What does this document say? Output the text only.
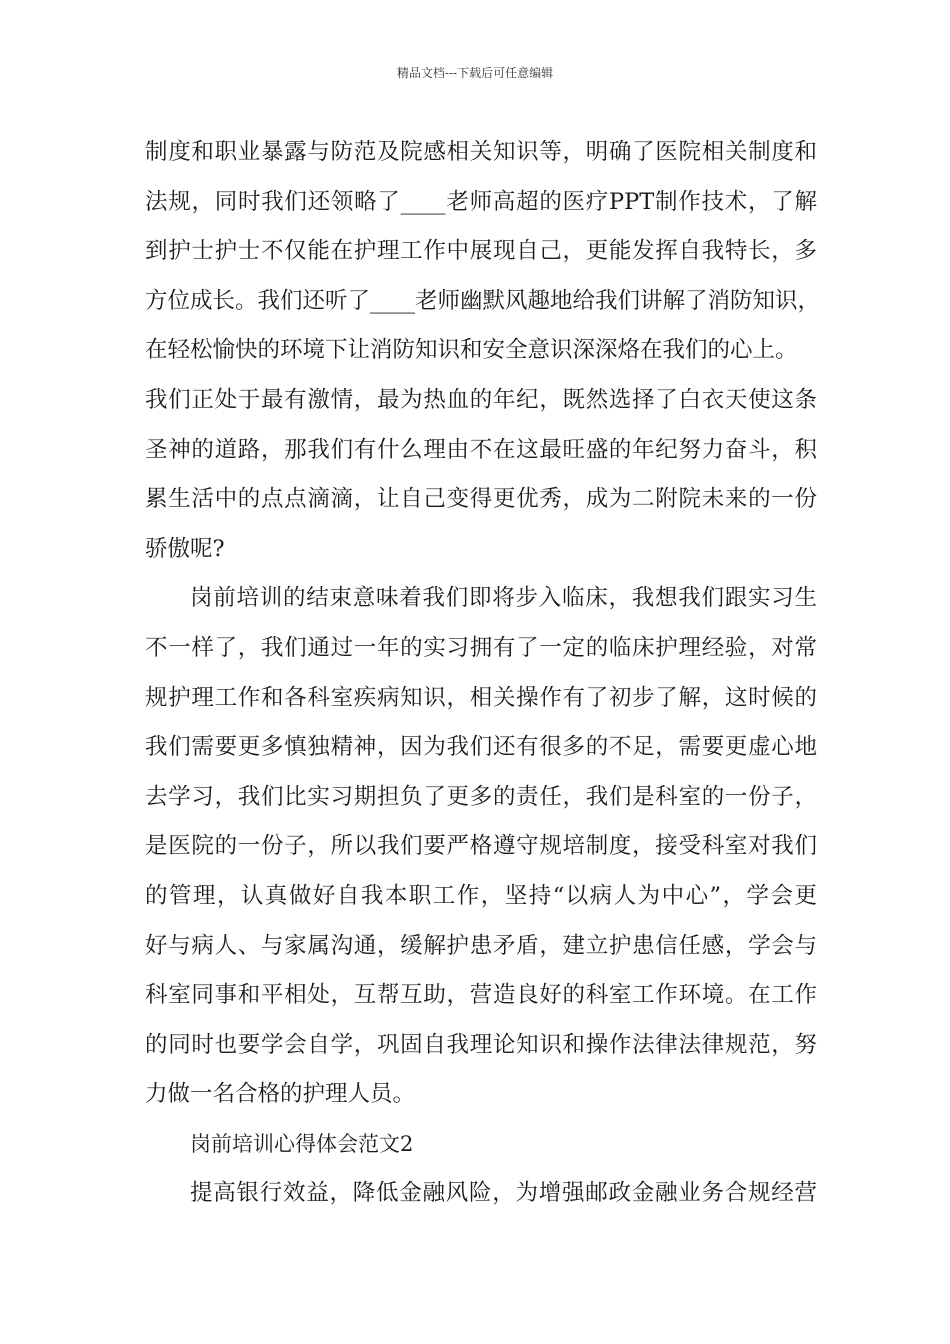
精品文档---下载后可任意编辑
制度和职业暴露与防范及院感相关知识等，明确了医院相关制度和
法规，同时我们还领略了____老师高超的医疗PPT制作技术，了解
到护士护士不仅能在护理工作中展现自己，更能发挥自我特长，多
方位成长。我们还听了____老师幽默风趣地给我们讲解了消防知识，
在轻松愉快的环境下让消防知识和安全意识深深烙在我们的心上。
我们正处于最有激情，最为热血的年纪，既然选择了白衣天使这条
圣神的道路，那我们有什么理由不在这最旺盛的年纪努力奋斗，积
累生活中的点点滴滴，让自己变得更优秀，成为二附院未来的一份
骄傲呢?
岗前培训的结束意味着我们即将步入临床，我想我们跟实习生
不一样了，我们通过一年的实习拥有了一定的临床护理经验，对常
规护理工作和各科室疾病知识，相关操作有了初步了解，这时候的
我们需要更多慎独精神，因为我们还有很多的不足，需要更虚心地
去学习，我们比实习期担负了更多的责任，我们是科室的一份子，
是医院的一份子，所以我们要严格遵守规培制度，接受科室对我们
的管理，认真做好自我本职工作，坚持“以病人为中心”，学会更
好与病人、与家属沟通，缓解护患矛盾，建立护患信任感，学会与
科室同事和平相处，互帮互助，营造良好的科室工作环境。在工作
的同时也要学会自学，巩固自我理论知识和操作法律法律规范，努
力做一名合格的护理人员。
岗前培训心得体会范文2
提高银行效益，降低金融风险，为增强邮政金融业务合规经营
